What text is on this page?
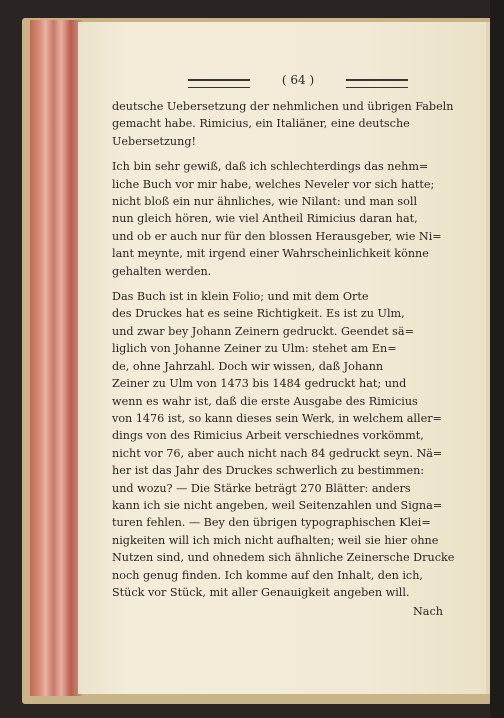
( 64 )
deutsche Uebersetzung der nehmlichen und übrigen Fabeln
gemacht habe. Rimicius, ein Italiäner, eine deutsche
Uebersetzung!
Ich bin sehr gewiß, daß ich schlechterdings das nehm=
liche Buch vor mir habe, welches Neveler vor sich hatte;
nicht bloß ein nur ähnliches, wie Nilant: und man soll
nun gleich hören, wie viel Antheil Rimicius daran hat,
und ob er auch nur für den blossen Herausgeber, wie Ni=
lant meynte, mit irgend einer Wahrscheinlichkeit könne
gehalten werden.
Das Buch ist in klein Folio; und mit dem Orte
des Druckes hat es seine Richtigkeit. Es ist zu Ulm,
und zwar bey Johann Zeinern gedruckt. Geendet sä=
liglich von Johanne Zeiner zu Ulm: stehet am En=
de, ohne Jahrzahl. Doch wir wissen, daß Johann
Zeiner zu Ulm von 1473 bis 1484 gedruckt hat; und
wenn es wahr ist, daß die erste Ausgabe des Rimicius
von 1476 ist, so kann dieses sein Werk, in welchem aller=
dings von des Rimicius Arbeit verschiednes vorkömmt,
nicht vor 76, aber auch nicht nach 84 gedruckt seyn. Nä=
her ist das Jahr des Druckes schwerlich zu bestimmen:
und wozu? — Die Stärke beträgt 270 Blätter: anders
kann ich sie nicht angeben, weil Seitenzahlen und Signa=
turen fehlen. — Bey den übrigen typographischen Klei=
nigkeiten will ich mich nicht aufhalten; weil sie hier ohne
Nutzen sind, und ohnedem sich ähnliche Zeinersche Drucke
noch genug finden. Ich komme auf den Inhalt, den ich,
Stück vor Stück, mit aller Genauigkeit angeben will.
Nach
